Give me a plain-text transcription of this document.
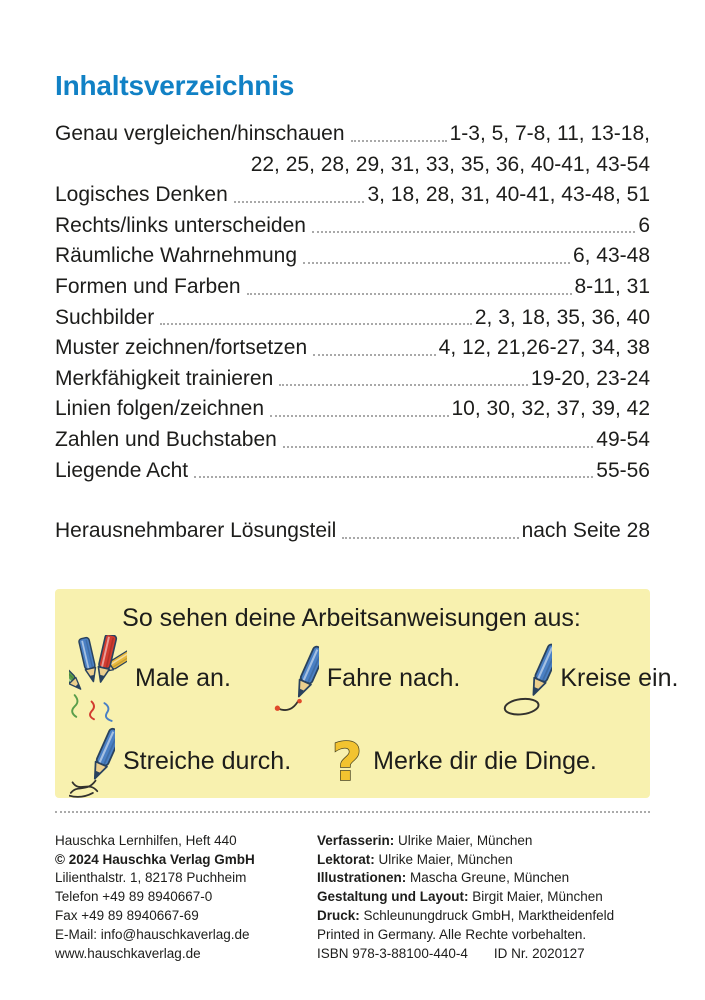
Inhaltsverzeichnis
Genau vergleichen/hinschauen	1-3, 5, 7-8, 11, 13-18,
22, 25, 28, 29, 31, 33, 35, 36, 40-41, 43-54
Logisches Denken	3, 18, 28, 31, 40-41, 43-48, 51
Rechts/links unterscheiden	6
Räumliche Wahrnehmung	6, 43-48
Formen und Farben	8-11, 31
Suchbilder	2, 3, 18, 35, 36, 40
Muster zeichnen/fortsetzen	4, 12, 21,26-27, 34, 38
Merkfähigkeit trainieren	19-20, 23-24
Linien folgen/zeichnen	10, 30, 32, 37, 39, 42
Zahlen und Buchstaben	49-54
Liegende Acht	55-56
Herausnehmbarer Lösungsteil	nach Seite 28
So sehen deine Arbeitsanweisungen aus:
Male an.	Fahre nach.	Kreise ein.
Streiche durch. ? Merke dir die Dinge.
Hauschka Lernhilfen, Heft 440
© 2024 Hauschka Verlag GmbH
Lilienthalstr. 1, 82178 Puchheim
Telefon +49 89 8940667-0
Fax +49 89 8940667-69
E-Mail: info@hauschkaverlag.de
www.hauschkaverlag.de
Verfasserin: Ulrike Maier, München
Lektorat: Ulrike Maier, München
Illustrationen: Mascha Greune, München
Gestaltung und Layout: Birgit Maier, München
Druck: Schleunungdruck GmbH, Marktheidenfeld
Printed in Germany. Alle Rechte vorbehalten.
ISBN 978-3-88100-440-4 ID Nr. 2020127
